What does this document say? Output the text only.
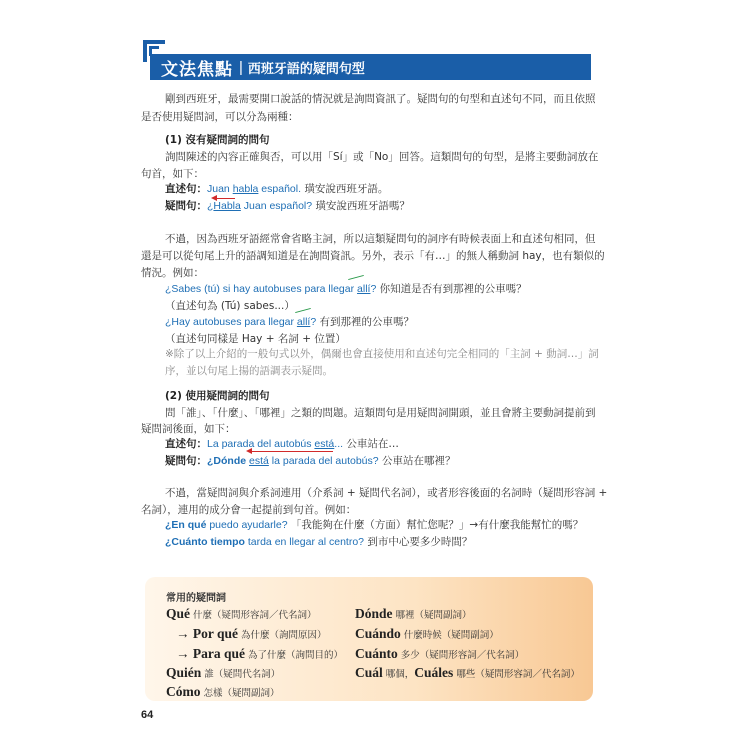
文法焦點 | 西班牙語的疑問句型
剛到西班牙，最需要開口說話的情況就是詢問資訊了。疑問句的句型和直述句不同，而且依照
是否使用疑問詞，可以分為兩種：
(1) 沒有疑問詞的問句
詢問陳述的內容正確與否，可以用「Sí」或「No」回答。這類問句的句型，是將主要動詞放在
句首，如下：
直述句：Juan habla español. 璜安說西班牙語。
疑問句：¿Habla Juan español? 璜安說西班牙語嗎？
不過，因為西班牙語經常會省略主詞，所以這類疑問句的詞序有時候表面上和直述句相同，但
還是可以從句尾上升的語調知道是在詢問資訊。另外，表示「有…」的無人稱動詞 hay，也有類似的
情況。例如：
¿Sabes (tú) si hay autobuses para llegar allí? 你知道是否有到那裡的公車嗎？
（直述句為 (Tú) sabes...）
¿Hay autobuses para llegar allí? 有到那裡的公車嗎？
（直述句同樣是 Hay + 名詞 + 位置）
※除了以上介紹的一般句式以外，偶爾也會直接使用和直述句完全相同的「主詞 + 動詞…」詞
序，並以句尾上揚的語調表示疑問。
(2) 使用疑問詞的問句
問「誰」、「什麼」、「哪裡」之類的問題。這類問句是用疑問詞開頭，並且會將主要動詞提前到
疑問詞後面，如下：
直述句：La parada del autobús está... 公車站在…
疑問句：¿Dónde está la parada del autobús? 公車站在哪裡？
不過，當疑問詞與介系詞連用（介系詞 + 疑問代名詞），或者形容後面的名詞時（疑問形容詞 +
名詞），連用的成分會一起提前到句首。例如：
¿En qué puedo ayudarle? 「我能夠在什麼（方面）幫忙您呢？」→有什麼我能幫忙的嗎？
¿Cuánto tiempo tarda en llegar al centro? 到市中心要多少時間？
常用的疑問詞
Qué 什麼（疑問形容詞／代名詞）
→ Por qué 為什麼（詢問原因）
→ Para qué 為了什麼（詢問目的）
Quién 誰（疑問代名詞）
Cómo 怎樣（疑問副詞）
Dónde 哪裡（疑問副詞）
Cuándo 什麼時候（疑問副詞）
Cuánto 多少（疑問形容詞／代名詞）
Cuál 哪個，Cuáles 哪些（疑問形容詞／代名詞）
64
